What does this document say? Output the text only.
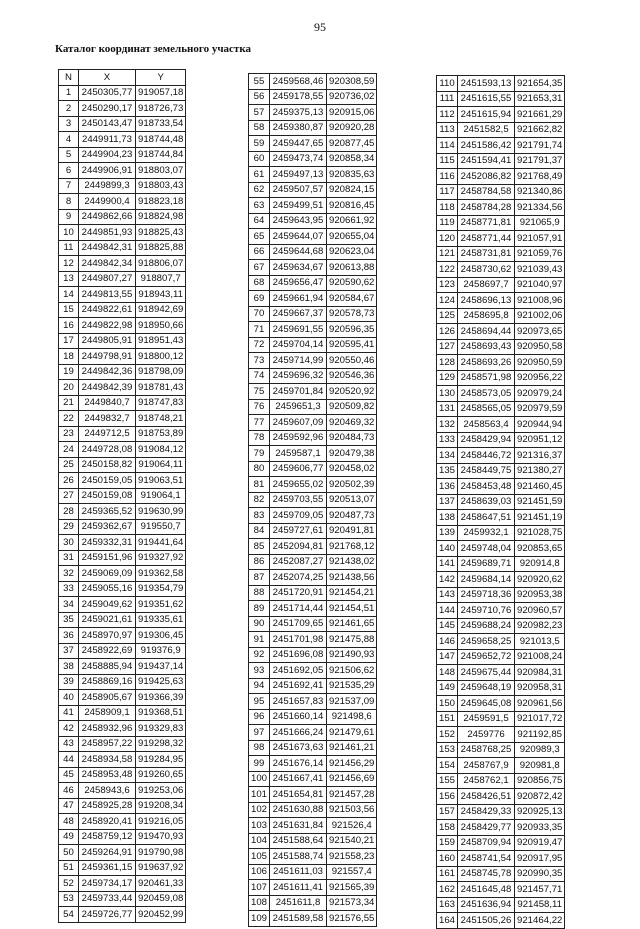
95
Каталог координат земельного участка
N	X	Y
1	2450305,77	919057,18
2	2450290,17	918726,73
3	2450143,47	918733,54
4	2449911,73	918744,48
5	2449904,23	918744,84
6	2449906,91	918803,07
7	2449899,3	918803,43
8	2449900,4	918823,18
9	2449862,66	918824,98
10	2449851,93	918825,43
11	2449842,31	918825,88
12	2449842,34	918806,07
13	2449807,27	918807,7
14	2449813,55	918943,11
15	2449822,61	918942,69
16	2449822,98	918950,66
17	2449805,91	918951,43
18	2449798,91	918800,12
19	2449842,36	918798,09
20	2449842,39	918781,43
21	2449840,7	918747,83
22	2449832,7	918748,21
23	2449712,5	918753,89
24	2449728,08	919084,12
25	2450158,82	919064,11
26	2450159,05	919063,51
27	2450159,08	919064,1
28	2459365,52	919630,99
29	2459362,67	919550,7
30	2459332,31	919441,64
31	2459151,96	919327,92
32	2459069,09	919362,58
33	2459055,16	919354,79
34	2459049,62	919351,62
35	2459021,61	919335,61
36	2458970,97	919306,45
37	2458922,69	919376,9
38	2458885,94	919437,14
39	2458869,16	919425,63
40	2458905,67	919366,39
41	2458909,1	919368,51
42	2458932,96	919329,83
43	2458957,22	919298,32
44	2458934,58	919284,95
45	2458953,48	919260,65
46	2458943,6	919253,06
47	2458925,28	919208,34
48	2458920,41	919216,05
49	2458759,12	919470,93
50	2459264,91	919790,98
51	2459361,15	919637,92
52	2459734,17	920461,33
53	2459733,44	920459,08
54	2459726,77	920452,99
55	2459568,46	920308,59
56	2459178,55	920736,02
57	2459375,13	920915,06
58	2459380,87	920920,28
59	2459447,65	920877,45
60	2459473,74	920858,34
61	2459497,13	920835,63
62	2459507,57	920824,15
63	2459499,51	920816,45
64	2459643,95	920661,92
65	2459644,07	920655,04
66	2459644,68	920623,04
67	2459634,67	920613,88
68	2459656,47	920590,62
69	2459661,94	920584,67
70	2459667,37	920578,73
71	2459691,55	920596,35
72	2459704,14	920595,41
73	2459714,99	920550,46
74	2459696,32	920546,36
75	2459701,84	920520,92
76	2459651,3	920509,82
77	2459607,09	920469,32
78	2459592,96	920484,73
79	2459587,1	920479,38
80	2459606,77	920458,02
81	2459655,02	920502,39
82	2459703,55	920513,07
83	2459709,05	920487,73
84	2459727,61	920491,81
85	2452094,81	921768,12
86	2452087,27	921438,02
87	2452074,25	921438,56
88	2451720,91	921454,21
89	2451714,44	921454,51
90	2451709,65	921461,65
91	2451701,98	921475,88
92	2451696,08	921490,93
93	2451692,05	921506,62
94	2451692,41	921535,29
95	2451657,83	921537,09
96	2451660,14	921498,6
97	2451666,24	921479,61
98	2451673,63	921461,21
99	2451676,14	921456,29
100	2451667,41	921456,69
101	2451654,81	921457,28
102	2451630,88	921503,56
103	2451631,84	921526,4
104	2451588,64	921540,21
105	2451588,74	921558,23
106	2451611,03	921557,4
107	2451611,41	921565,39
108	2451611,8	921573,34
109	2451589,58	921576,55
110	2451593,13	921654,35
111	2451615,55	921653,31
112	2451615,94	921661,29
113	2451582,5	921662,82
114	2451586,42	921791,74
115	2451594,41	921791,37
116	2452086,82	921768,49
117	2458784,58	921340,86
118	2458784,28	921334,56
119	2458771,81	921065,9
120	2458771,44	921057,91
121	2458731,81	921059,76
122	2458730,62	921039,43
123	2458697,7	921040,97
124	2458696,13	921008,96
125	2458695,8	921002,06
126	2458694,44	920973,65
127	2458693,43	920950,58
128	2458693,26	920950,59
129	2458571,98	920956,22
130	2458573,05	920979,24
131	2458565,05	920979,59
132	2458563,4	920944,94
133	2458429,94	920951,12
134	2458446,72	921316,37
135	2458449,75	921380,27
136	2458453,48	921460,45
137	2458639,03	921451,59
138	2458647,51	921451,19
139	2459932,1	921028,75
140	2459748,04	920853,65
141	2459689,71	920914,8
142	2459684,14	920920,62
143	2459718,36	920953,38
144	2459710,76	920960,57
145	2459688,24	920982,23
146	2459658,25	921013,5
147	2459652,72	921008,24
148	2459675,44	920984,31
149	2459648,19	920958,31
150	2459645,08	920961,56
151	2459591,5	921017,72
152	2459776	921192,85
153	2458768,25	920989,3
154	2458767,9	920981,8
155	2458762,1	920856,75
156	2458426,51	920872,42
157	2458429,33	920925,13
158	2458429,77	920933,35
159	2458709,94	920919,47
160	2458741,54	920917,95
161	2458745,78	920990,35
162	2451645,48	921457,71
163	2451636,94	921458,11
164	2451505,26	921464,22
